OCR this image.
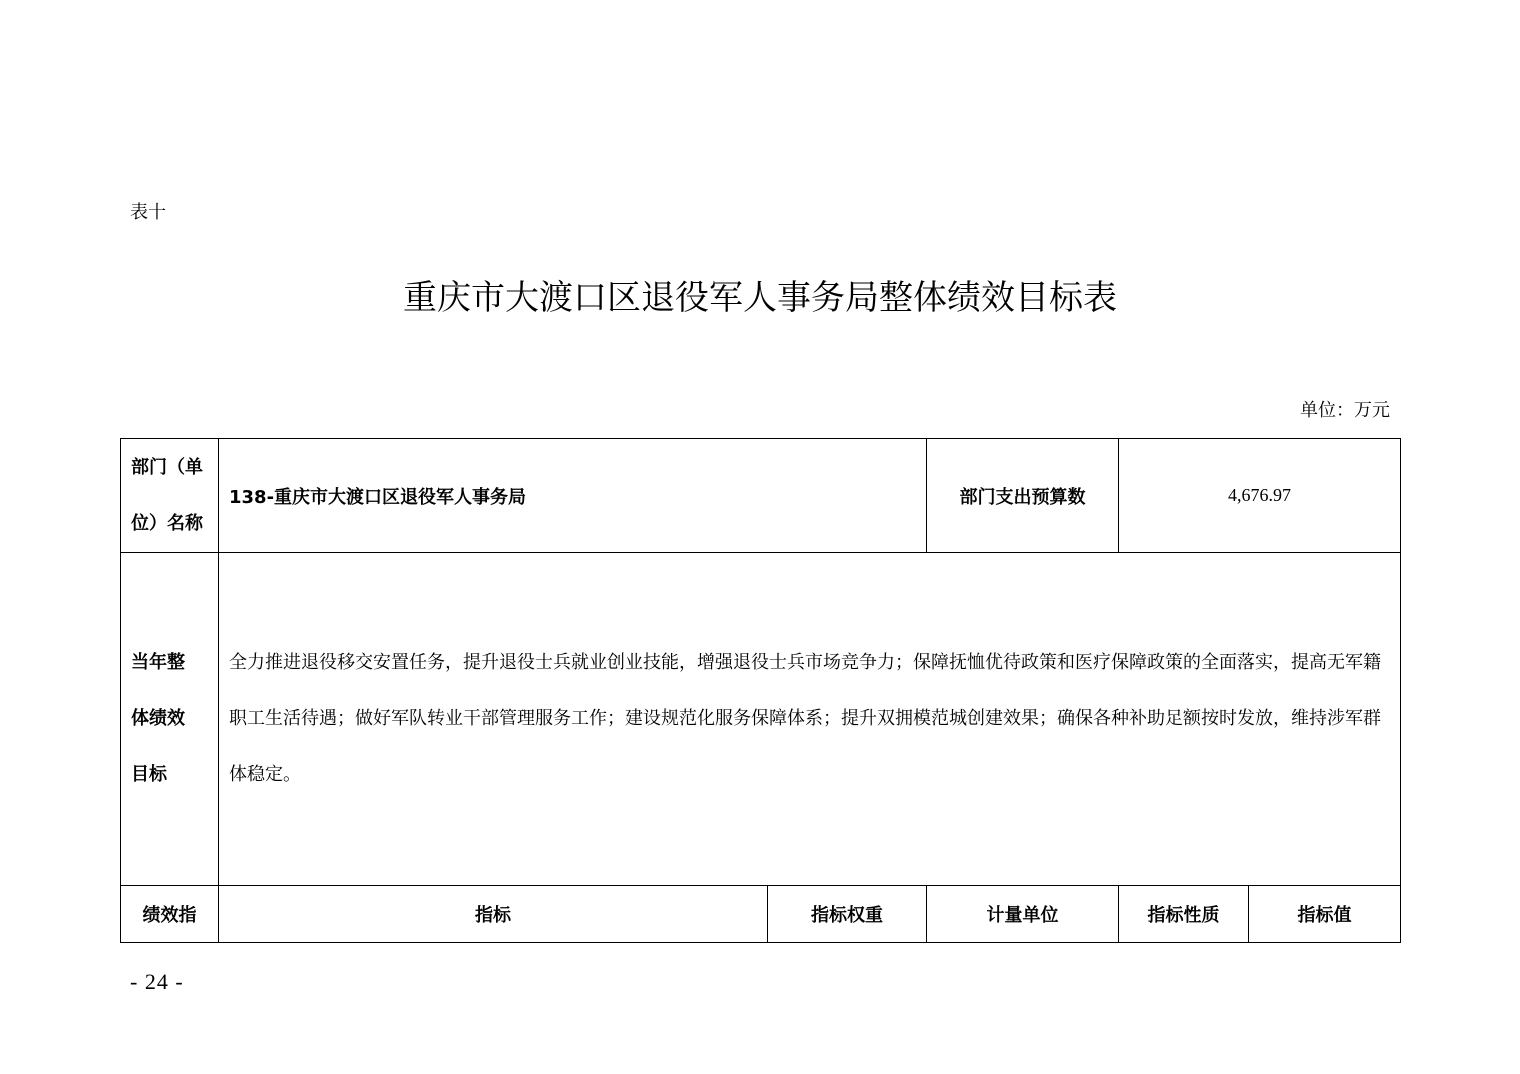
表十
重庆市大渡口区退役军人事务局整体绩效目标表
单位：万元
部门（单
位）名称	138-重庆市大渡口区退役军人事务局		部门支出预算数	4,676.97	

当年整
体绩效
目标	全力推进退役移交安置任务，提升退役士兵就业创业技能，增强退役士兵市场竞争力；保障抚恤优待政策和医疗保障政策的全面落实，提高无军籍职工生活待遇；做好军队转业干部管理服务工作；建设规范化服务保障体系；提升双拥模范城创建效果；确保各种补助足额按时发放，维持涉军群体稳定。				
绩效指	指标	指标权重	计量单位	指标性质	指标值
- 24 -
